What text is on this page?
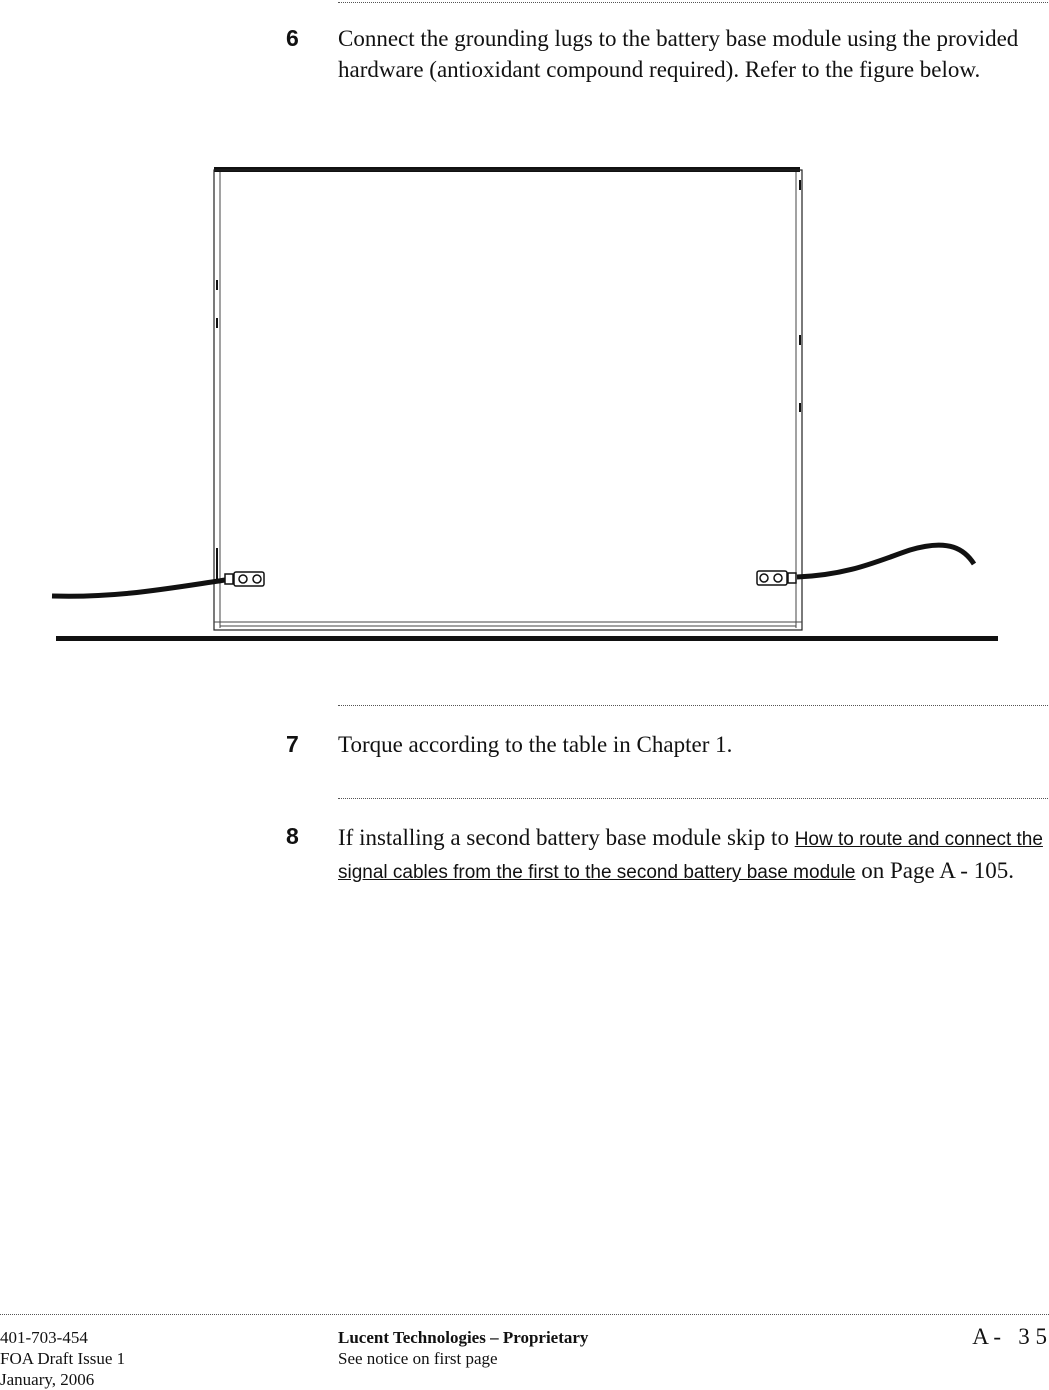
6 Connect the grounding lugs to the battery base module using the provided hardware (antioxidant compound required). Refer to the figure below.
7 Torque according to the table in Chapter 1.
8 If installing a second battery base module skip to How to route and connect the signal cables from the first to the second battery base module on Page A - 105.
401-703-454
FOA Draft Issue 1
January, 2006
Lucent Technologies – Proprietary
See notice on first page
A -   3 5
